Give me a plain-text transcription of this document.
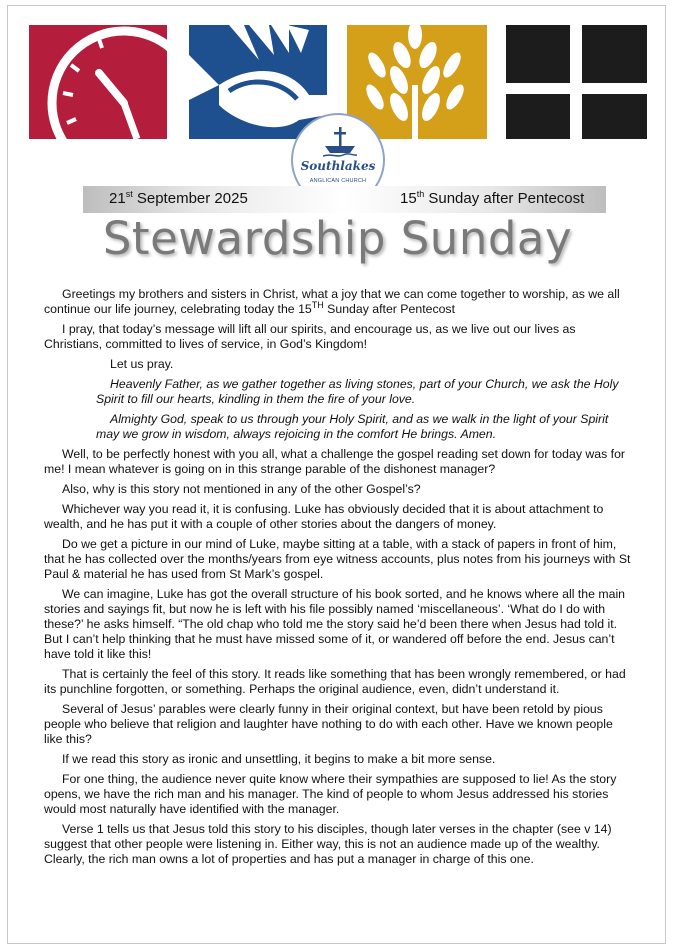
Southlakes
ANGLICAN CHURCH
21st September 2025	15th Sunday after Pentecost
Stewardship Sunday

Greetings my brothers and sisters in Christ, what a joy that we can come together to worship, as we all continue our life journey, celebrating today the 15TH Sunday after Pentecost

I pray, that today’s message will lift all our spirits, and encourage us, as we live out our lives as Christians, committed to lives of service, in God’s Kingdom!

Let us pray.

Heavenly Father, as we gather together as living stones, part of your Church, we ask the Holy Spirit to fill our hearts, kindling in them the fire of your love.

Almighty God, speak to us through your Holy Spirit, and as we walk in the light of your Spirit may we grow in wisdom, always rejoicing in the comfort He brings. Amen.

Well, to be perfectly honest with you all, what a challenge the gospel reading set down for today was for me! I mean whatever is going on in this strange parable of the dishonest manager?

Also, why is this story not mentioned in any of the other Gospel’s?

Whichever way you read it, it is confusing. Luke has obviously decided that it is about attachment to wealth, and he has put it with a couple of other stories about the dangers of money.

Do we get a picture in our mind of Luke, maybe sitting at a table, with a stack of papers in front of him, that he has collected over the months/years from eye witness accounts, plus notes from his journeys with St Paul & material he has used from St Mark’s gospel.

We can imagine, Luke has got the overall structure of his book sorted, and he knows where all the main stories and sayings fit, but now he is left with his file possibly named ‘miscellaneous’. ‘What do I do with these?’ he asks himself. “The old chap who told me the story said he’d been there when Jesus had told it. But I can’t help thinking that he must have missed some of it, or wandered off before the end. Jesus can’t have told it like this!

That is certainly the feel of this story. It reads like something that has been wrongly remembered, or had its punchline forgotten, or something. Perhaps the original audience, even, didn’t understand it.

Several of Jesus’ parables were clearly funny in their original context, but have been retold by pious people who believe that religion and laughter have nothing to do with each other. Have we known people like this?

If we read this story as ironic and unsettling, it begins to make a bit more sense.

For one thing, the audience never quite know where their sympathies are supposed to lie! As the story opens, we have the rich man and his manager. The kind of people to whom Jesus addressed his stories would most naturally have identified with the manager.

Verse 1 tells us that Jesus told this story to his disciples, though later verses in the chapter (see v 14) suggest that other people were listening in. Either way, this is not an audience made up of the wealthy. Clearly, the rich man owns a lot of properties and has put a manager in charge of this one.
